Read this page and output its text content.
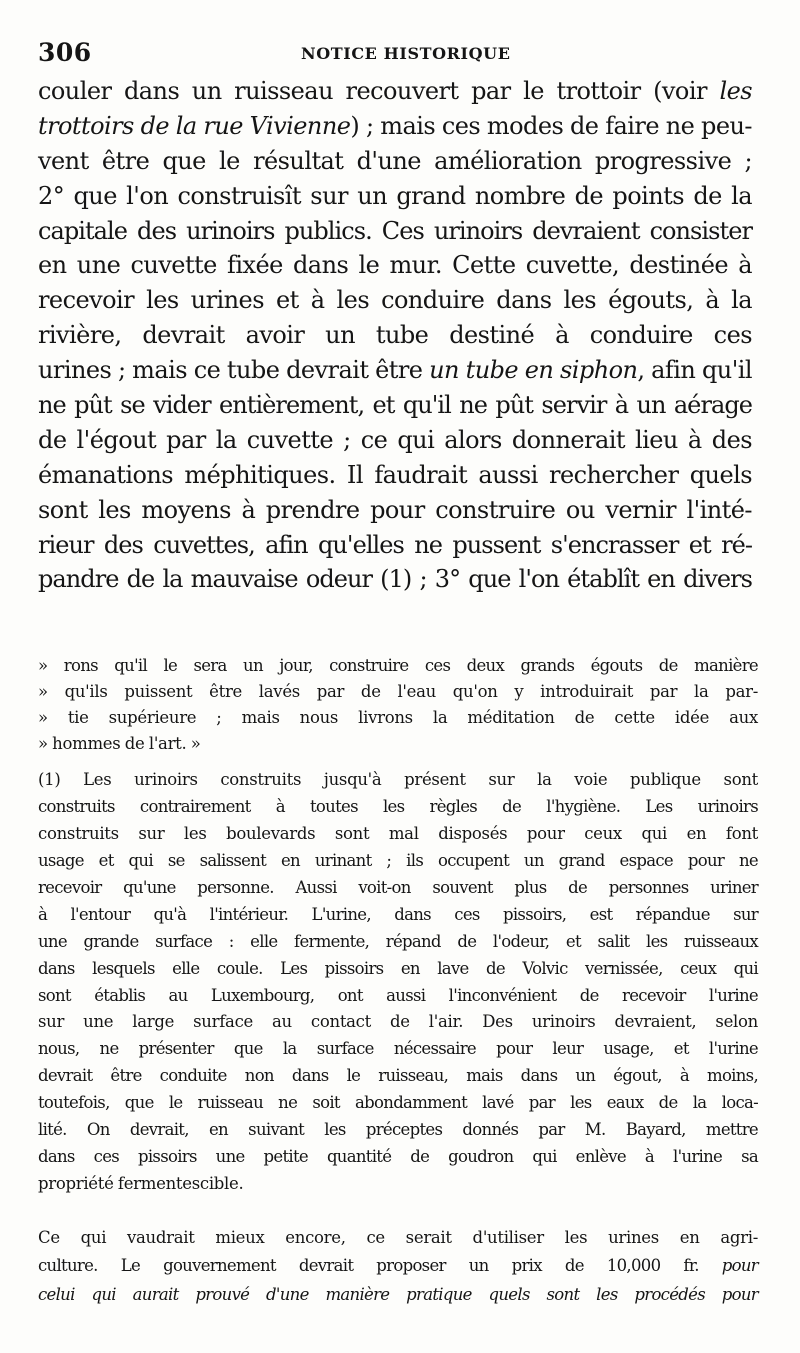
306	NOTICE HISTORIQUE
couler dans un ruisseau recouvert par le trottoir (voir les
trottoirs de la rue Vivienne) ; mais ces modes de faire ne peu-
vent être que le résultat d'une amélioration progressive ;
2° que l'on construisît sur un grand nombre de points de la
capitale des urinoirs publics. Ces urinoirs devraient consister
en une cuvette fixée dans le mur. Cette cuvette, destinée à
recevoir les urines et à les conduire dans les égouts, à la
rivière, devrait avoir un tube destiné à conduire ces
urines ; mais ce tube devrait être un tube en siphon, afin qu'il
ne pût se vider entièrement, et qu'il ne pût servir à un aérage
de l'égout par la cuvette ; ce qui alors donnerait lieu à des
émanations méphitiques. Il faudrait aussi rechercher quels
sont les moyens à prendre pour construire ou vernir l'inté-
rieur des cuvettes, afin qu'elles ne pussent s'encrasser et ré-
pandre de la mauvaise odeur (1) ; 3° que l'on établît en divers
» rons qu'il le sera un jour, construire ces deux grands égouts de manière
» qu'ils puissent être lavés par de l'eau qu'on y introduirait par la par-
» tie supérieure ; mais nous livrons la méditation de cette idée aux
» hommes de l'art. »
(1) Les urinoirs construits jusqu'à présent sur la voie publique sont
construits contrairement à toutes les règles de l'hygiène. Les urinoirs
construits sur les boulevards sont mal disposés pour ceux qui en font
usage et qui se salissent en urinant ; ils occupent un grand espace pour ne
recevoir qu'une personne. Aussi voit-on souvent plus de personnes uriner
à l'entour qu'à l'intérieur. L'urine, dans ces pissoirs, est répandue sur
une grande surface : elle fermente, répand de l'odeur, et salit les ruisseaux
dans lesquels elle coule. Les pissoirs en lave de Volvic vernissée, ceux qui
sont établis au Luxembourg, ont aussi l'inconvénient de recevoir l'urine
sur une large surface au contact de l'air. Des urinoirs devraient, selon
nous, ne présenter que la surface nécessaire pour leur usage, et l'urine
devrait être conduite non dans le ruisseau, mais dans un égout, à moins,
toutefois, que le ruisseau ne soit abondamment lavé par les eaux de la loca-
lité. On devrait, en suivant les préceptes donnés par M. Bayard, mettre
dans ces pissoirs une petite quantité de goudron qui enlève à l'urine sa
propriété fermentescible.
Ce qui vaudrait mieux encore, ce serait d'utiliser les urines en agri-
culture. Le gouvernement devrait proposer un prix de 10,000 fr. pour
celui qui aurait prouvé d'une manière pratique quels sont les procédés pour
